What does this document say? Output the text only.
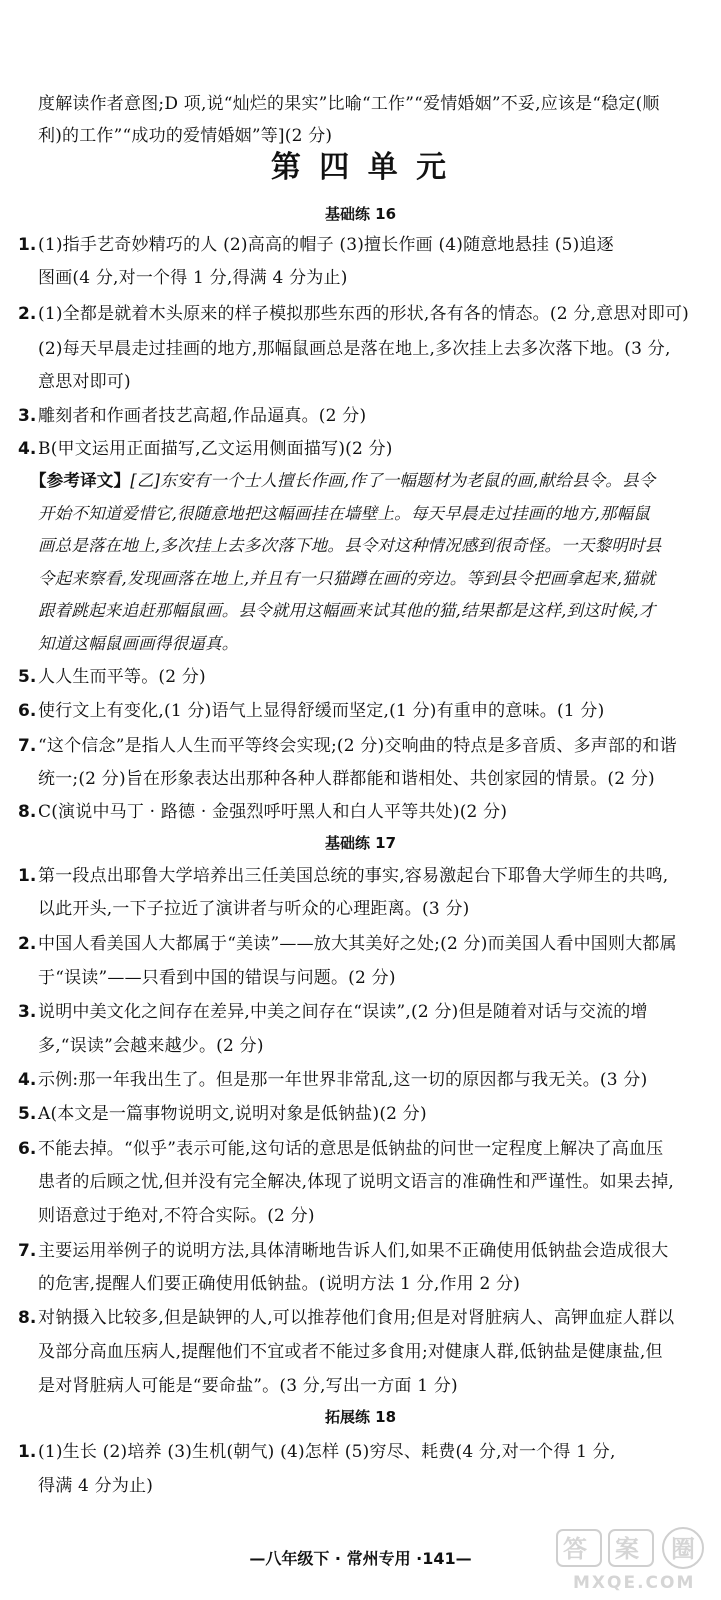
度解读作者意图;D 项,说“灿烂的果实”比喻“工作”“爱情婚姻”不妥,应该是“稳定(顺
利)的工作”“成功的爱情婚姻”等](2 分)
第 四 单 元
基础练 16
1. (1)指手艺奇妙精巧的人 (2)高高的帽子 (3)擅长作画 (4)随意地悬挂 (5)追逐
图画(4 分,对一个得 1 分,得满 4 分为止)
2. (1)全都是就着木头原来的样子模拟那些东西的形状,各有各的情态。(2 分,意思对即可)
(2)每天早晨走过挂画的地方,那幅鼠画总是落在地上,多次挂上去多次落下地。(3 分,
意思对即可)
3. 雕刻者和作画者技艺高超,作品逼真。(2 分)
4. B(甲文运用正面描写,乙文运用侧面描写)(2 分)
【参考译文】[乙]东安有一个士人擅长作画,作了一幅题材为老鼠的画,献给县令。县令
开始不知道爱惜它,很随意地把这幅画挂在墙壁上。每天早晨走过挂画的地方,那幅鼠
画总是落在地上,多次挂上去多次落下地。县令对这种情况感到很奇怪。一天黎明时县
令起来察看,发现画落在地上,并且有一只猫蹲在画的旁边。等到县令把画拿起来,猫就
跟着跳起来追赶那幅鼠画。县令就用这幅画来试其他的猫,结果都是这样,到这时候,才
知道这幅鼠画画得很逼真。
5. 人人生而平等。(2 分)
6. 使行文上有变化,(1 分)语气上显得舒缓而坚定,(1 分)有重申的意味。(1 分)
7. “这个信念”是指人人生而平等终会实现;(2 分)交响曲的特点是多音质、多声部的和谐
统一;(2 分)旨在形象表达出那种各种人群都能和谐相处、共创家园的情景。(2 分)
8. C(演说中马丁 · 路德 · 金强烈呼吁黑人和白人平等共处)(2 分)
基础练 17
1. 第一段点出耶鲁大学培养出三任美国总统的事实,容易激起台下耶鲁大学师生的共鸣,
以此开头,一下子拉近了演讲者与听众的心理距离。(3 分)
2. 中国人看美国人大都属于“美读”——放大其美好之处;(2 分)而美国人看中国则大都属
于“误读”——只看到中国的错误与问题。(2 分)
3. 说明中美文化之间存在差异,中美之间存在“误读”,(2 分)但是随着对话与交流的增
多,“误读”会越来越少。(2 分)
4. 示例:那一年我出生了。但是那一年世界非常乱,这一切的原因都与我无关。(3 分)
5. A(本文是一篇事物说明文,说明对象是低钠盐)(2 分)
6. 不能去掉。“似乎”表示可能,这句话的意思是低钠盐的问世一定程度上解决了高血压
患者的后顾之忧,但并没有完全解决,体现了说明文语言的准确性和严谨性。如果去掉,
则语意过于绝对,不符合实际。(2 分)
7. 主要运用举例子的说明方法,具体清晰地告诉人们,如果不正确使用低钠盐会造成很大
的危害,提醒人们要正确使用低钠盐。(说明方法 1 分,作用 2 分)
8. 对钠摄入比较多,但是缺钾的人,可以推荐他们食用;但是对肾脏病人、高钾血症人群以
及部分高血压病人,提醒他们不宜或者不能过多食用;对健康人群,低钠盐是健康盐,但
是对肾脏病人可能是“要命盐”。(3 分,写出一方面 1 分)
拓展练 18
1. (1)生长 (2)培养 (3)生机(朝气) (4)怎样 (5)穷尽、耗费(4 分,对一个得 1 分,
得满 4 分为止)
—八年级下 · 常州专用 ·141—	答 案 圈
MXQE.COM
